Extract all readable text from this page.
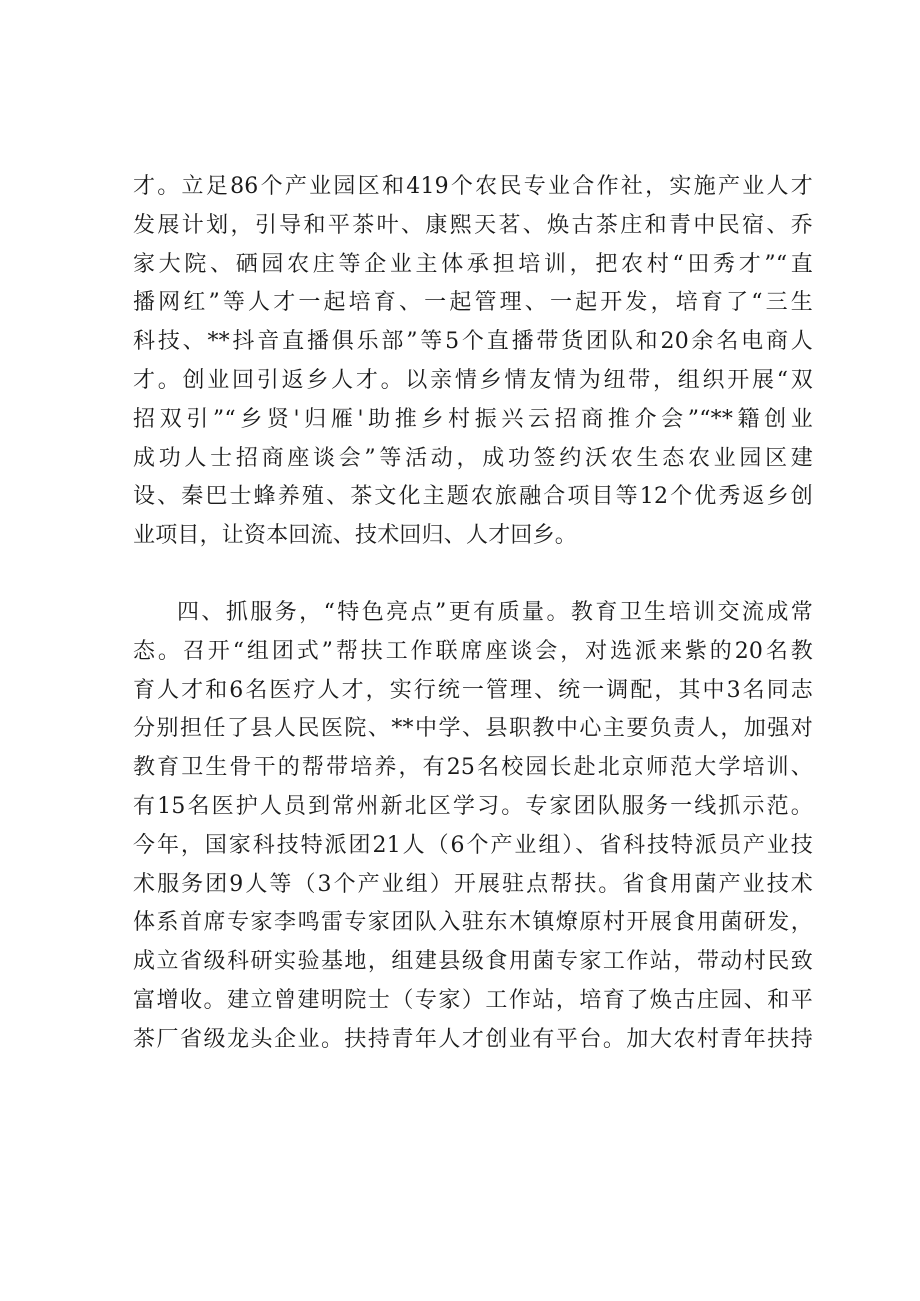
才。立足86个产业园区和419个农民专业合作社，实施产业人才
发展计划，引导和平茶叶、康熙天茗、焕古茶庄和青中民宿、乔
家大院、硒园农庄等企业主体承担培训，把农村“田秀才”“直
播网红”等人才一起培育、一起管理、一起开发，培育了“三生
科技、**抖音直播俱乐部”等5个直播带货团队和20余名电商人
才。创业回引返乡人才。以亲情乡情友情为纽带，组织开展“双
招双引”“乡贤'归雁'助推乡村振兴云招商推介会”“**籍创业
成功人士招商座谈会”等活动，成功签约沃农生态农业园区建
设、秦巴士蜂养殖、茶文化主题农旅融合项目等12个优秀返乡创
业项目，让资本回流、技术回归、人才回乡。
四、抓服务，“特色亮点”更有质量。教育卫生培训交流成常
态。召开“组团式”帮扶工作联席座谈会，对选派来紫的20名教
育人才和6名医疗人才，实行统一管理、统一调配，其中3名同志
分别担任了县人民医院、**中学、县职教中心主要负责人，加强对
教育卫生骨干的帮带培养，有25名校园长赴北京师范大学培训、
有15名医护人员到常州新北区学习。专家团队服务一线抓示范。
今年，国家科技特派团21人（6个产业组）、省科技特派员产业技
术服务团9人等（3个产业组）开展驻点帮扶。省食用菌产业技术
体系首席专家李鸣雷专家团队入驻东木镇燎原村开展食用菌研发，
成立省级科研实验基地，组建县级食用菌专家工作站，带动村民致
富增收。建立曾建明院士（专家）工作站，培育了焕古庄园、和平
茶厂省级龙头企业。扶持青年人才创业有平台。加大农村青年扶持
